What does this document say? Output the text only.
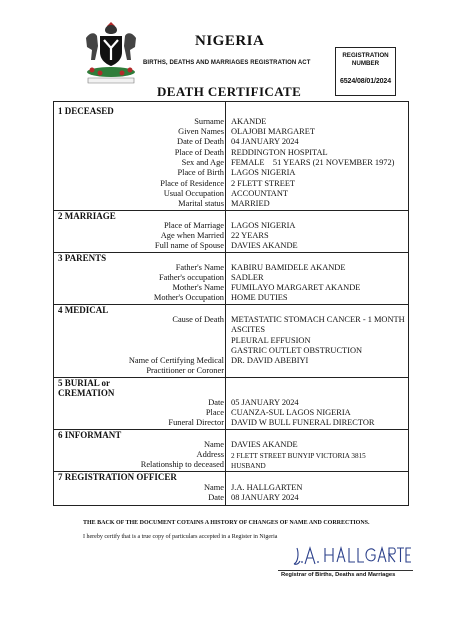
NIGERIA
BIRTHS, DEATHS AND MARRIAGES REGISTRATION ACT
REGISTRATION
NUMBER
6524/08/01/2024
DEATH CERTIFICATE
1 DECEASED
Surname AKANDE
Given Names OLAJOBI MARGARET
Date of Death 04 JANUARY 2024
Place of Death REDDINGTON HOSPITAL
Sex and Age FEMALE    51 YEARS (21 NOVEMBER 1972)
Place of Birth LAGOS NIGERIA
Place of Residence 2 FLETT STREET
Usual Occupation ACCOUNTANT
Marital status MARRIED
2 MARRIAGE
Place of Marriage LAGOS NIGERIA
Age when Married 22 YEARS
Full name of Spouse DAVIES AKANDE
3 PARENTS
Father's Name KABIRU BAMIDELE AKANDE
Father's occupation SADLER
Mother's Name FUMILAYO MARGARET AKANDE
Mother's Occupation HOME DUTIES
4 MEDICAL
Cause of Death METASTATIC STOMACH CANCER - 1 MONTH
ASCITES
PLEURAL EFFUSION
GASTRIC OUTLET OBSTRUCTION
Name of Certifying Medical DR. DAVID ABEBIYI
Practitioner or Coroner
5 BURIAL or
CREMATION
Date 05 JANUARY 2024
Place CUANZA-SUL LAGOS NIGERIA
Funeral Director DAVID W BULL FUNERAL DIRECTOR
6 INFORMANT
Name DAVIES AKANDE
Address 2 FLETT STREET BUNYIP VICTORIA 3815
Relationship to deceased HUSBAND
7 REGISTRATION OFFICER
Name J.A. HALLGARTEN
Date 08 JANUARY 2024
THE BACK OF THE DOCUMENT COTAINS A HISTORY OF CHANGES OF NAME AND CORRECTIONS.
I hereby certify that is a true copy of particulars accepted in a Register in Nigeria
Registrar of Births, Deaths and Marriages
